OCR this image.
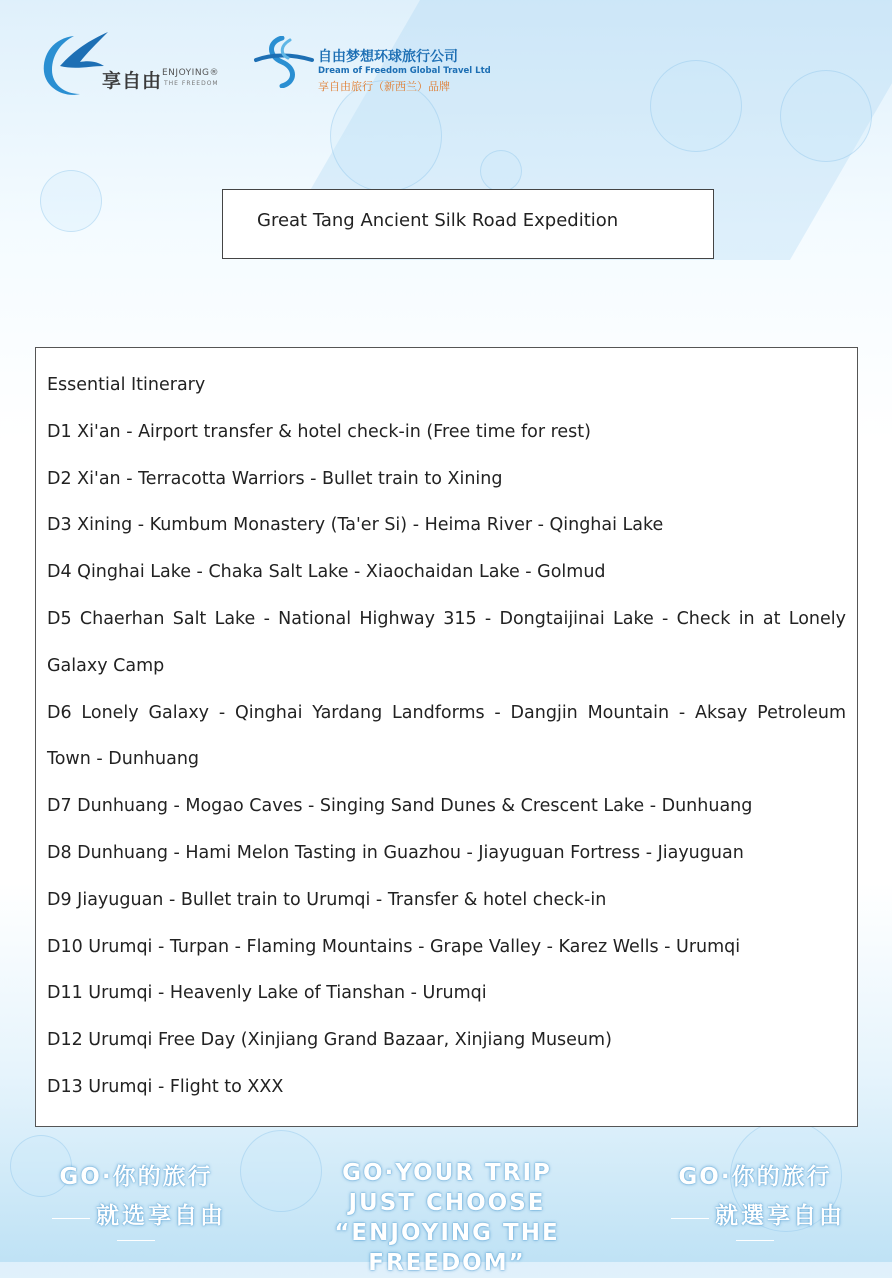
享自由 ENJOYING®
THE FREEDOM
自由梦想环球旅行公司
Dream of Freedom Global Travel Ltd
享自由旅行（新西兰）品牌
Great Tang Ancient Silk Road Expedition
Essential Itinerary
D1 Xi'an - Airport transfer & hotel check-in (Free time for rest)
D2 Xi'an - Terracotta Warriors - Bullet train to Xining
D3 Xining - Kumbum Monastery (Ta'er Si) - Heima River - Qinghai Lake
D4 Qinghai Lake - Chaka Salt Lake - Xiaochaidan Lake - Golmud
D5 Chaerhan Salt Lake - National Highway 315 - Dongtaijinai Lake - Check in at Lonely
Galaxy Camp
D6 Lonely Galaxy - Qinghai Yardang Landforms - Dangjin Mountain - Aksay Petroleum
Town - Dunhuang
D7 Dunhuang - Mogao Caves - Singing Sand Dunes & Crescent Lake - Dunhuang
D8 Dunhuang - Hami Melon Tasting in Guazhou - Jiayuguan Fortress - Jiayuguan
D9 Jiayuguan - Bullet train to Urumqi - Transfer & hotel check-in
D10 Urumqi - Turpan - Flaming Mountains - Grape Valley - Karez Wells - Urumqi
D11 Urumqi - Heavenly Lake of Tianshan - Urumqi
D12 Urumqi Free Day (Xinjiang Grand Bazaar, Xinjiang Museum)
D13 Urumqi - Flight to XXX
GO·你的旅行
就选享自由
GO·YOUR TRIP
JUST CHOOSE
“ENJOYING THE FREEDOM”
GO·你的旅行
就選享自由
